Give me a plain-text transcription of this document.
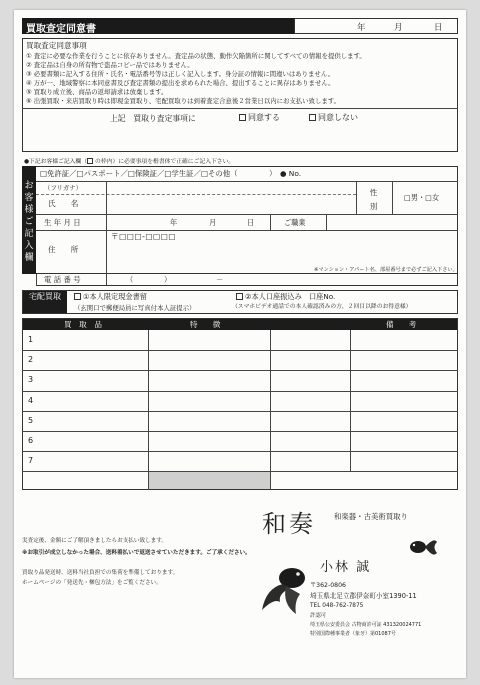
買取査定同意書	年	月	日
買取査定同意事項
① 査定に必要な作業を行うことに依存ありません。査定品の状態、動作欠陥箇所に関してすべての情報を提供します。
② 査定品は自身の所有物で盗品コピー品ではありません。
③ 必要書類に記入する住所・氏名・電話番号等は正しく記入します。身分証の情報に間違いはありません。
④ 万が一、地域警察に本同意書及び査定書類の提出を求められた場合、提出することに異存はありません。
⑤ 買取り成立後、商品の返却請求は放棄します。
⑥ 出張買取・来店買取り時は即現金買取り、宅配買取りは到着査定合意後２営業日以内にお支払い致します。
上記　買取り査定事項に	同意する	同意しない
●下記お客様ご記入欄（ の枠内）に必要事項を楷書体で正確にご記入下さい。
お客様ご記入欄
□免許証／□パスポート／□保険証／□学生証／□その他（	） ● No.
（フリガナ）
氏　　名
性別
□男・□女
生 年 月 日	年	月	日	ご職業
〒□□□-□□□□
住　　所
※マンション・アパート名、部屋番号まで必ずご記入下さい。
電 話 番 号	（	）	－
宅配買取	①本人限定現金書留
（玄関口で郵便局員に写真付本人証提示）
②本人口座振込み　口座No.
（スマホビデオ通話での本人確認済みの方，２回目以降のお得意様）
買　取　品	特　　徴	備　　考
1
2
3
4
5
6
7
実査定後、金額にご了解頂きましたらお支払い致します。
※お取引が成立しなかった場合、送料着払いで返送させていただきます。ご了承ください。
買取り品発送時、送料当社負担での集荷を準備しております。
ホームページの「発送先・梱包方法」をご覧ください。
和奏 和楽器・古美術買取り
小林 誠
〒362-0806
埼玉県北足立郡伊奈町小室1390-11
TEL 048-762-7875
許認可
埼玉県公安委員会 古物商許可証 431320024771
特別国際種事業者（象牙）第01087号
